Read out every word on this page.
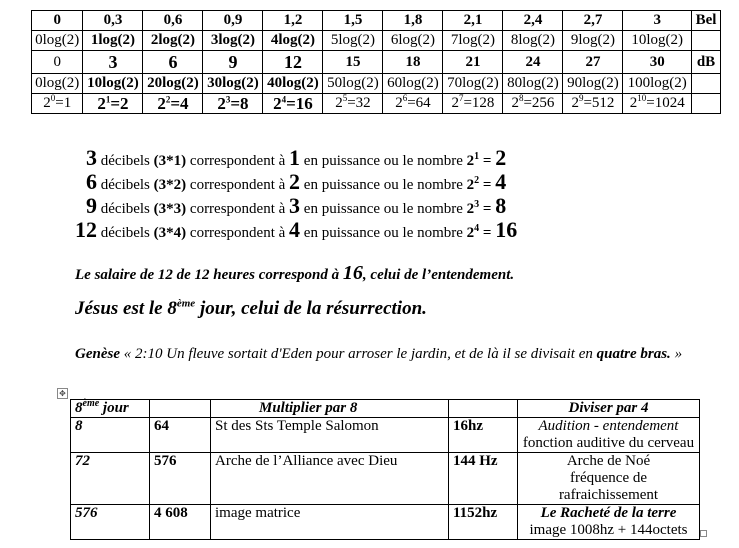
0	0,3	0,6	0,9	1,2	1,5	1,8	2,1	2,4	2,7	3	Bel
0log(2)	1log(2)	2log(2)	3log(2)	4log(2)	5log(2)	6log(2)	7log(2)	8log(2)	9log(2)	10log(2)	
0	3	6	9	12	15	18	21	24	27	30	dB
0log(2)	10log(2)	20log(2)	30log(2)	40log(2)	50log(2)	60log(2)	70log(2)	80log(2)	90log(2)	100log(2)	
$2^0=1$	$2^1=2$	$2^2=4$	$2^3=8$	$2^4=16$	$2^5=32$	$2^6=64$	$2^7=128$	$2^8=256$	$2^9=512$	$2^{10}=1024$	
3 décibels (3*1) correspondent à 1 en puissance ou le nombre $2^1 = 2$
6 décibels (3*2) correspondent à 2 en puissance ou le nombre $2^2 = 4$
9 décibels (3*3) correspondent à 3 en puissance ou le nombre $2^3 = 8$
12 décibels (3*4) correspondent à 4 en puissance ou le nombre $2^4 = 16$
Le salaire de 12 de 12 heures correspond à 16, celui de l’entendement.
Jésus est le 8ème jour, celui de la résurrection.
Genèse « 2:10 Un fleuve sortait d'Eden pour arroser le jardin, et de là il se divisait en quatre bras. »
✥
8ème jour		Multiplier par 8		Diviser par 4
8	64	St des Sts Temple Salomon	16hz	Audition - entendement
fonction auditive du cerveau

72	576	Arche de l’Alliance avec Dieu	144 Hz	Arche de Noé
fréquence de rafraichissement

576	4 608	image matrice	1152hz	Le Racheté de la terre
image 1008hz + 144octets
